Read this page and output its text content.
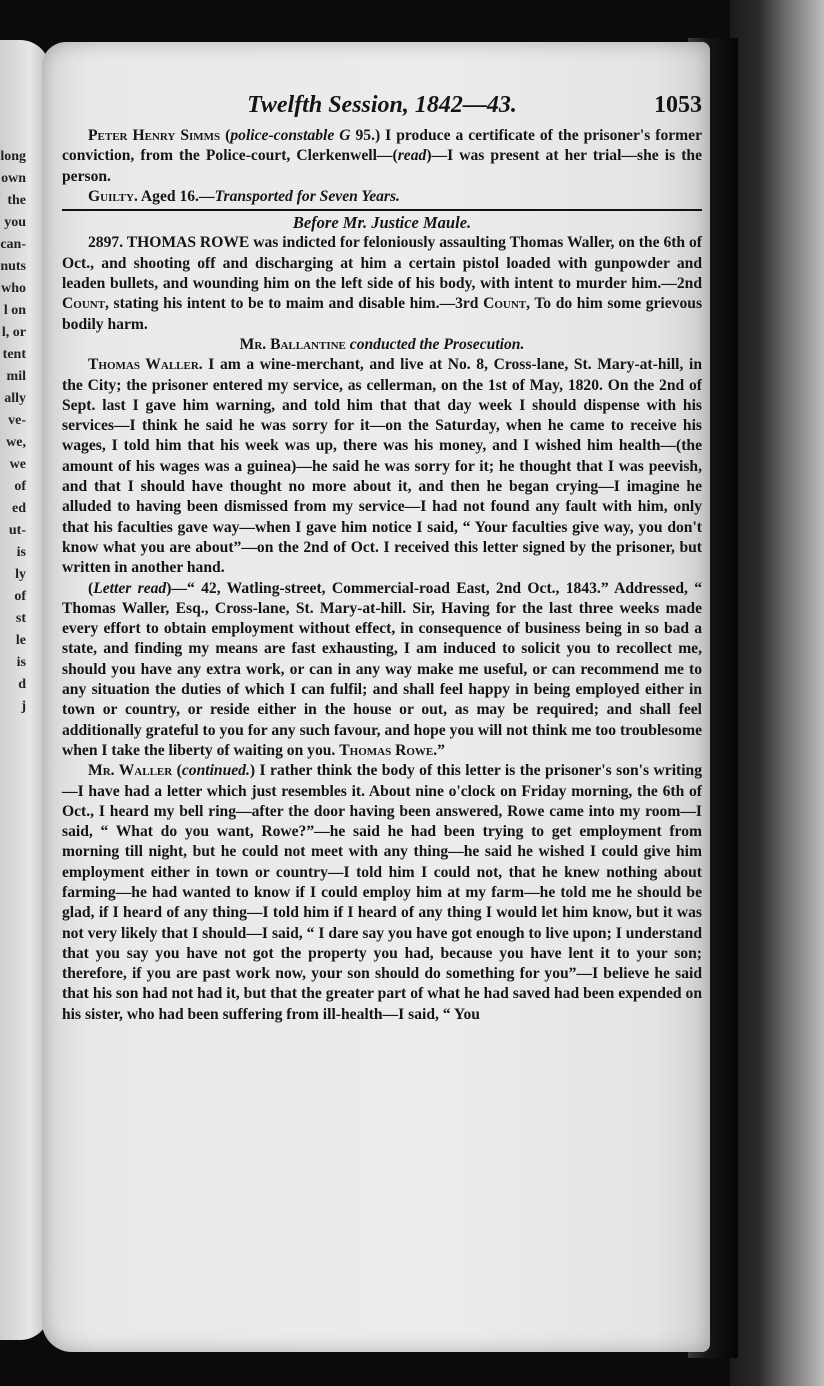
long
own
the
you
can-
nuts
who
l on
l, or
tent
mil
ally
ve-
we,
we
of
ed
ut-
is
ly
of
st
le
is
d
j
Twelfth Session, 1842—43.	1053

Peter Henry Simms (police-constable G 95.) I produce a certificate of the prisoner's former conviction, from the Police-court, Clerkenwell—(read)—I was present at her trial—she is the person.

Guilty. Aged 16.—Transported for Seven Years.

Before Mr. Justice Maule.

2897. THOMAS ROWE was indicted for feloniously assaulting Thomas Waller, on the 6th of Oct., and shooting off and discharging at him a certain pistol loaded with gunpowder and leaden bullets, and wounding him on the left side of his body, with intent to murder him.—2nd Count, stating his intent to be to maim and disable him.—3rd Count, To do him some grievous bodily harm.

Mr. Ballantine conducted the Prosecution.

Thomas Waller. I am a wine-merchant, and live at No. 8, Cross-lane, St. Mary-at-hill, in the City; the prisoner entered my service, as cellerman, on the 1st of May, 1820. On the 2nd of Sept. last I gave him warning, and told him that that day week I should dispense with his services—I think he said he was sorry for it—on the Saturday, when he came to receive his wages, I told him that his week was up, there was his money, and I wished him health—(the amount of his wages was a guinea)—he said he was sorry for it; he thought that I was peevish, and that I should have thought no more about it, and then he began crying—I imagine he alluded to having been dismissed from my service—I had not found any fault with him, only that his faculties gave way—when I gave him notice I said, “ Your faculties give way, you don't know what you are about”—on the 2nd of Oct. I received this letter signed by the prisoner, but written in another hand.

(Letter read)—“ 42, Watling-street, Commercial-road East, 2nd Oct., 1843.” Addressed, “ Thomas Waller, Esq., Cross-lane, St. Mary-at-hill. Sir, Having for the last three weeks made every effort to obtain employment without effect, in consequence of business being in so bad a state, and finding my means are fast exhausting, I am induced to solicit you to recollect me, should you have any extra work, or can in any way make me useful, or can recommend me to any situation the duties of which I can fulfil; and shall feel happy in being employed either in town or country, or reside either in the house or out, as may be required; and shall feel additionally grateful to you for any such favour, and hope you will not think me too troublesome when I take the liberty of waiting on you. Thomas Rowe.”

Mr. Waller (continued.) I rather think the body of this letter is the prisoner's son's writing—I have had a letter which just resembles it. About nine o'clock on Friday morning, the 6th of Oct., I heard my bell ring—after the door having been answered, Rowe came into my room—I said, “ What do you want, Rowe?”—he said he had been trying to get employment from morning till night, but he could not meet with any thing—he said he wished I could give him employment either in town or country—I told him I could not, that he knew nothing about farming—he had wanted to know if I could employ him at my farm—he told me he should be glad, if I heard of any thing—I told him if I heard of any thing I would let him know, but it was not very likely that I should—I said, “ I dare say you have got enough to live upon; I understand that you say you have not got the property you had, because you have lent it to your son; therefore, if you are past work now, your son should do something for you”—I believe he said that his son had not had it, but that the greater part of what he had saved had been expended on his sister, who had been suffering from ill-health—I said, “ You
